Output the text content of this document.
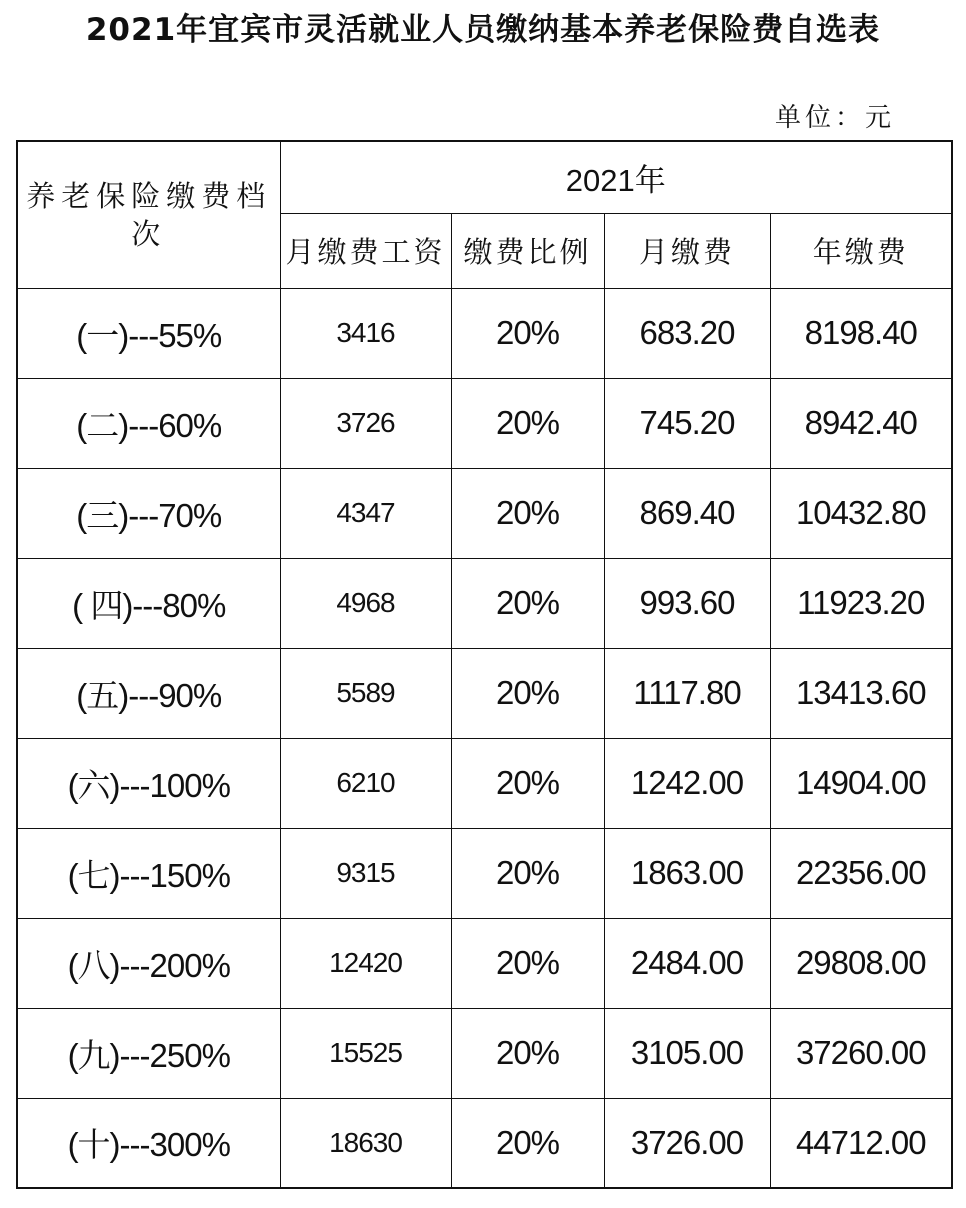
2021年宜宾市灵活就业人员缴纳基本养老保险费自选表
单位：元
养老保险缴费档次	2021年			
	月缴费工资	缴费比例	月缴费	年缴费
(一)---55%	3416	20%	683.20	8198.40
(二)---60%	3726	20%	745.20	8942.40
(三)---70%	4347	20%	869.40	10432.80
( 四)---80%	4968	20%	993.60	11923.20
(五)---90%	5589	20%	1117.80	13413.60
(六)---100%	6210	20%	1242.00	14904.00
(七)---150%	9315	20%	1863.00	22356.00
(八)---200%	12420	20%	2484.00	29808.00
(九)---250%	15525	20%	3105.00	37260.00
(十)---300%	18630	20%	3726.00	44712.00
